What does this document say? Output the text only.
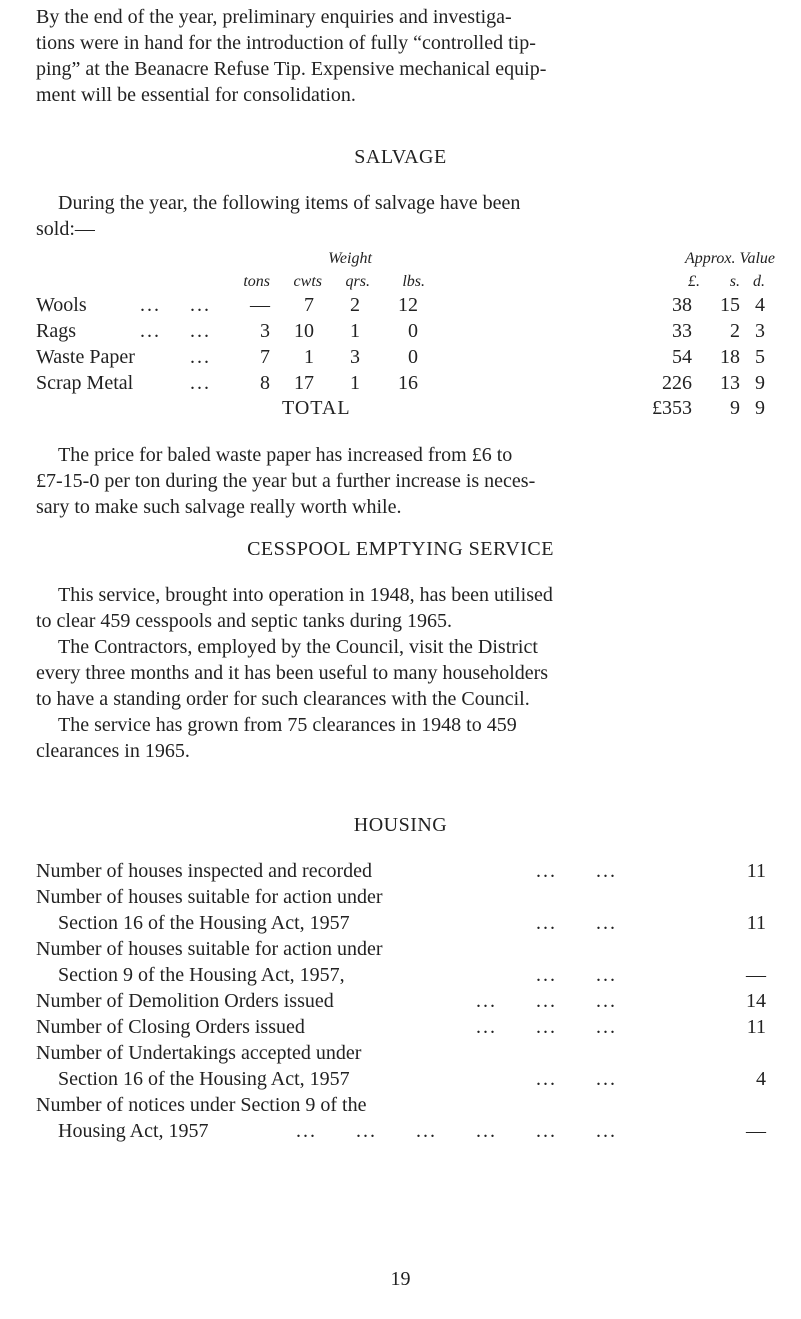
By the end of the year, preliminary enquiries and investiga-
tions were in hand for the introduction of fully “controlled tip-
ping” at the Beanacre Refuse Tip. Expensive mechanical equip-
ment will be essential for consolidation.
SALVAGE
During the year, the following items of salvage have been
sold:—
Weight	Approx. Value
tons	cwts	qrs.	lbs.	£.	s. d.
Wools	... ...	—	7	2	12	38	15 4
Rags	... ...	3	10	1	0	33	2 3
Waste Paper	...	7	1	3	0	54	18 5
Scrap Metal	...	8	17	1	16	226	13 9
TOTAL	£353	9 9
The price for baled waste paper has increased from £6 to
£7-15-0 per ton during the year but a further increase is neces-
sary to make such salvage really worth while.
CESSPOOL EMPTYING SERVICE
This service, brought into operation in 1948, has been utilised
to clear 459 cesspools and septic tanks during 1965.
The Contractors, employed by the Council, visit the District
every three months and it has been useful to many householders
to have a standing order for such clearances with the Council.
The service has grown from 75 clearances in 1948 to 459
clearances in 1965.
HOUSING
Number of houses inspected and recorded	... ...	11
Number of houses suitable for action under
Section 16 of the Housing Act, 1957	... ...	11
Number of houses suitable for action under
Section 9 of the Housing Act, 1957,	... ...	—
Number of Demolition Orders issued	... ... ...	14
Number of Closing Orders issued	... ... ...	11
Number of Undertakings accepted under
Section 16 of the Housing Act, 1957	... ...	4
Number of notices under Section 9 of the
Housing Act, 1957	... ... ... ... ... ...	—
19
